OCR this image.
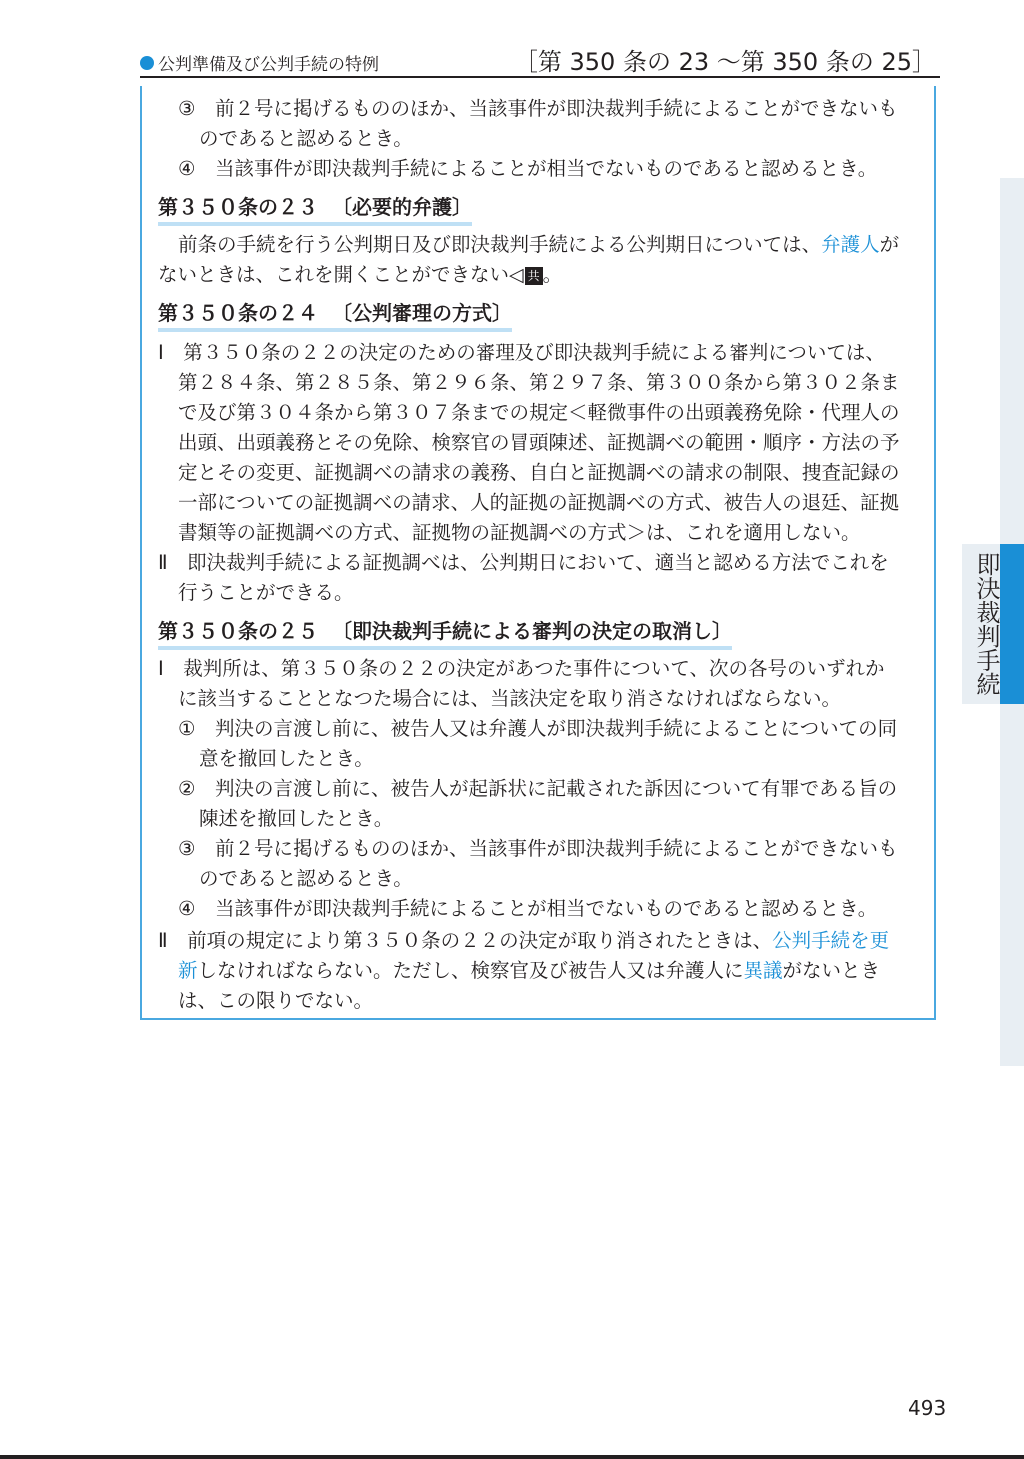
公判準備及び公判手続の特例	［第 350 条の 23 ～第 350 条の 25］
③　前２号に掲げるもののほか、当該事件が即決裁判手続によることができないも
のであると認めるとき。
④　当該事件が即決裁判手続によることが相当でないものであると認めるとき。
第３５０条の２３ 〔必要的弁護〕
前条の手続を行う公判期日及び即決裁判手続による公判期日については、弁護人が
ないときは、これを開くことができない◁ 共 。
第３５０条の２４ 〔公判審理の方式〕
Ⅰ　第３５０条の２２の決定のための審理及び即決裁判手続による審判については、
第２８４条、第２８５条、第２９６条、第２９７条、第３００条から第３０２条ま
で及び第３０４条から第３０７条までの規定＜軽微事件の出頭義務免除・代理人の
出頭、出頭義務とその免除、検察官の冒頭陳述、証拠調べの範囲・順序・方法の予
定とその変更、証拠調べの請求の義務、自白と証拠調べの請求の制限、捜査記録の
一部についての証拠調べの請求、人的証拠の証拠調べの方式、被告人の退廷、証拠
書類等の証拠調べの方式、証拠物の証拠調べの方式＞は、これを適用しない。
Ⅱ　即決裁判手続による証拠調べは、公判期日において、適当と認める方法でこれを
行うことができる。
第３５０条の２５ 〔即決裁判手続による審判の決定の取消し〕
Ⅰ　裁判所は、第３５０条の２２の決定があつた事件について、次の各号のいずれか
に該当することとなつた場合には、当該決定を取り消さなければならない。
①　判決の言渡し前に、被告人又は弁護人が即決裁判手続によることについての同
意を撤回したとき。
②　判決の言渡し前に、被告人が起訴状に記載された訴因について有罪である旨の
陳述を撤回したとき。
③　前２号に掲げるもののほか、当該事件が即決裁判手続によることができないも
のであると認めるとき。
④　当該事件が即決裁判手続によることが相当でないものであると認めるとき。
Ⅱ　前項の規定により第３５０条の２２の決定が取り消されたときは、公判手続を更
新しなければならない。ただし、検察官及び被告人又は弁護人に異議がないとき
は、この限りでない。
即決裁判手続
493
